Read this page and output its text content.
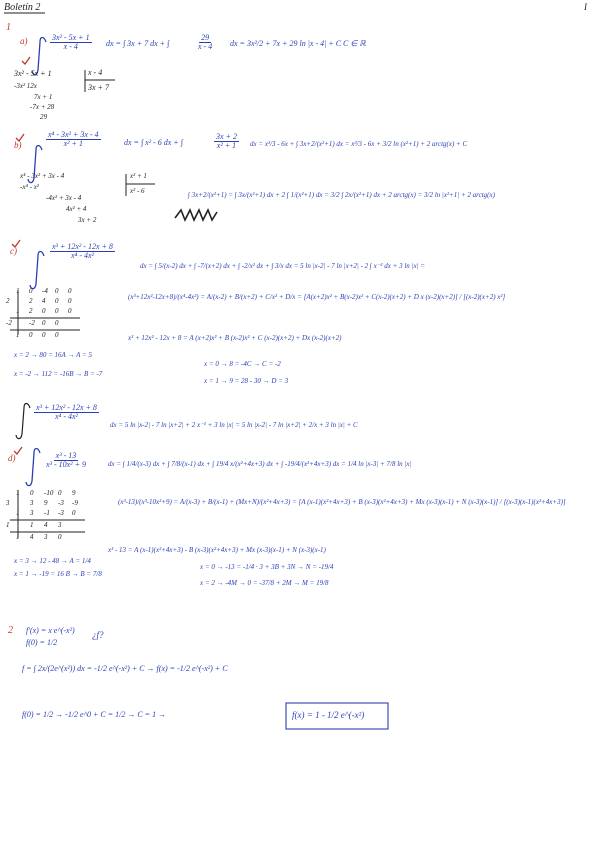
Boletín 2	I
1
a)	$\frac{\text{3x² - 5x + 1}}{x - 4}$ dx = ∫ 3x + 7 dx + ∫	$\frac{29}{x - 4}$ dx = 3x²/2 + 7x + 29 ln |x - 4| + C C ∈ ℝ
3x² - 5x + 1	x - 4
3x + 7
-3x² 12x
7x + 1
-7x + 28
29
b)	$\frac{\text{x⁴ - 3x² + 3x - 4}}{\text{x² + 1}}$	dx = ∫ x² - 6 dx + ∫	$\frac{3x + 2}{\text{x² + 1}}$ dx = x³/3 - 6x + ∫ 3x+2/(x²+1) dx = x³/3 - 6x + 3/2 ln (x²+1) + 2 arctg(x) + C
x⁴ - 3x² + 3x - 4
-x⁴ - x²
-4x² + 3x - 4
4x² + 4
3x + 2
x² + 1
x² - 6	∫ 3x+2/(x²+1) = ∫ 3x/(x²+1) dx + 2 ∫ 1/(x²+1) dx = 3/2 ∫ 2x/(x²+1) dx + 2 arctg(x) = 3/2 ln |x²+1| + 2 arctg(x)
c)	$\frac{\text{x³ + 12x² - 12x + 8}}{\text{x⁴ - 4x²}}$
dx = ∫ 5/(x-2) dx + ∫ -7/(x+2) dx + ∫ -2/x² dx + ∫ 3/x dx = 5 ln |x-2| - 7 ln |x+2| - 2 ∫ x⁻² dx + 3 ln |x| =
1 0 -4 0 0
2	2 4 0 0
1 2 0 0 0
-2 -2 0 0
1 0 0 0
(x³+12x²-12x+8)/(x⁴-4x²) = A/(x-2) + B/(x+2) + C/x² + D/x = [A(x+2)x² + B(x-2)x² + C(x-2)(x+2) + D x (x-2)(x+2)] / [(x-2)(x+2) x²]
x³ + 12x² - 12x + 8 = A (x+2)x² + B (x-2)x² + C (x-2)(x+2) + Dx (x-2)(x+2)
x = 2 → 80 = 16A → A = 5
x = -2 → 112 = -16B → B = -7
x = 0 → 8 = -4C → C = -2
x = 1 → 9 = 28 - 30 → D = 3
$\frac{\text{x³ + 12x² - 12x + 8}}{\text{x⁴ - 4x²}}$
dx = 5 ln |x-2| - 7 ln |x+2| + 2 x⁻¹ + 3 ln |x| = 5 ln |x-2| - 7 ln |x+2| + 2/x + 3 ln |x| + C
d)	$\frac{\text{x³ - 13}}{\text{x³ - 10x² + 9}}$	dx = ∫ 1/4/(x-3) dx + ∫ 7/8/(x-1) dx + ∫ 19/4 x/(x²+4x+3) dx + ∫ -19/4/(x²+4x+3) dx = 1/4 ln |x-3| + 7/8 ln |x|
1 0 -10 0 9
3	3 9 -3 -9
1 3 -1 -3 0
1	1 4 3
1 4 3 0
(x³-13)/(x³-10x²+9) = A/(x-3) + B/(x-1) + (Mx+N)/(x²+4x+3) = [A (x-1)(x²+4x+3) + B (x-3)(x²+4x+3) + Mx (x-3)(x-1) + N (x-3)(x-1)] / [(x-3)(x-1)(x²+4x+3)]
x³ - 13 = A (x-1)(x²+4x+3) - B (x-3)(x²+4x+3) + Mx (x-3)(x-1) + N (x-3)(x-1)
x = 3 → 12 - 48 → A = 1/4
x = 1 → -19 = 16 B → B = 7/8
x = 0 → -13 = -1/4 · 3 + 3B + 3N → N = -19/4
x = 2 → -4M → 0 = -37/8 + 2M → M = 19/8
2 f'(x) = x e^(-x²)
f(0) = 1/2
¿f?
f = ∫ 2x/(2e^(x²)) dx = -1/2 e^(-x²) + C → f(x) = -1/2 e^(-x²) + C
f(0) = 1/2 → -1/2 e^0 + C = 1/2 → C = 1 →	f(x) = 1 - 1/2 e^(-x²)
